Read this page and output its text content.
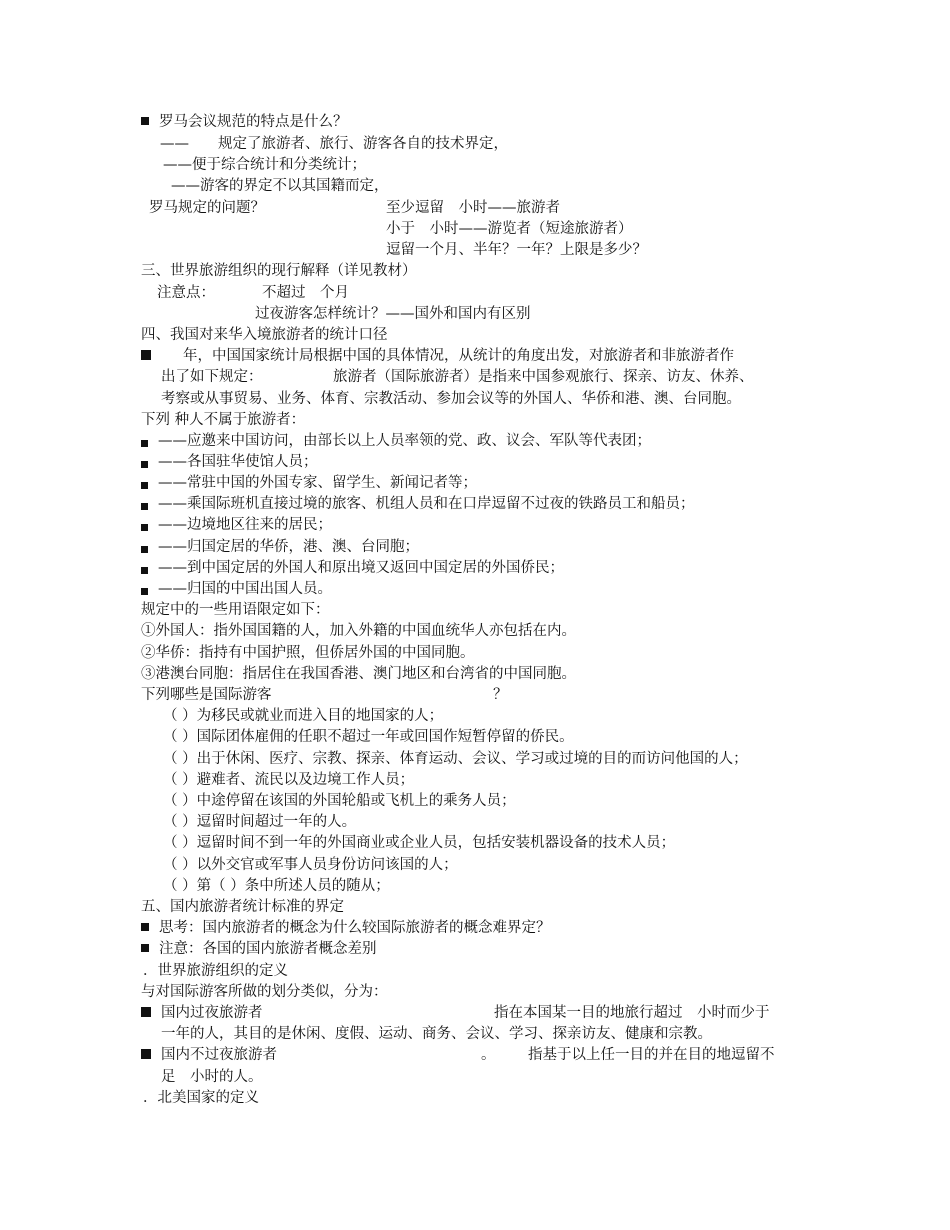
罗马会议规范的特点是什么？
——　　规定了旅游者、旅行、游客各自的技术界定，
——便于综合统计和分类统计；
——游客的界定不以其国籍而定，
罗马规定的问题？	至少逗留　小时——旅游者
小于　小时——游览者（短途旅游者）
逗留一个月、半年？一年？上限是多少？
三、世界旅游组织的现行解释（详见教材）
注意点：	不超过　个月
过夜游客怎样统计？——国外和国内有区别
四、我国对来华入境旅游者的统计口径
年，中国国家统计局根据中国的具体情况，从统计的角度出发，对旅游者和非旅游者作
出了如下规定：	旅游者（国际旅游者）是指来中国参观旅行、探亲、访友、休养、
考察或从事贸易、业务、体育、宗教活动、参加会议等的外国人、华侨和港、澳、台同胞。
下列 种人不属于旅游者：
——应邀来中国访问，由部长以上人员率领的党、政、议会、军队等代表团；
——各国驻华使馆人员；
——常驻中国的外国专家、留学生、新闻记者等；
——乘国际班机直接过境的旅客、机组人员和在口岸逗留不过夜的铁路员工和船员；
——边境地区往来的居民；
——归国定居的华侨，港、澳、台同胞；
——到中国定居的外国人和原出境又返回中国定居的外国侨民；
——归国的中国出国人员。
规定中的一些用语限定如下：
①外国人：指外国国籍的人，加入外籍的中国血统华人亦包括在内。
②华侨：指持有中国护照，但侨居外国的中国同胞。
③港澳台同胞：指居住在我国香港、澳门地区和台湾省的中国同胞。
下列哪些是国际游客	？
（ ）为移民或就业而进入目的地国家的人；
（ ）国际团体雇佣的任职不超过一年或回国作短暂停留的侨民。
（ ）出于休闲、医疗、宗教、探亲、体育运动、会议、学习或过境的目的而访问他国的人；
（ ）避难者、流民以及边境工作人员；
（ ）中途停留在该国的外国轮船或飞机上的乘务人员；
（ ）逗留时间超过一年的人。
（ ）逗留时间不到一年的外国商业或企业人员，包括安装机器设备的技术人员；
（ ）以外交官或军事人员身份访问该国的人；
（ ）第（ ）条中所述人员的随从；
五、国内旅游者统计标准的界定
思考：国内旅游者的概念为什么较国际旅游者的概念难界定？
注意：各国的国内旅游者概念差别
．世界旅游组织的定义
与对国际游客所做的划分类似，分为：
国内过夜旅游者	指在本国某一目的地旅行超过　小时而少于
一年的人，其目的是休闲、度假、运动、商务、会议、学习、探亲访友、健康和宗教。
国内不过夜旅游者	。 指基于以上任一目的并在目的地逗留不
足　小时的人。
．北美国家的定义
